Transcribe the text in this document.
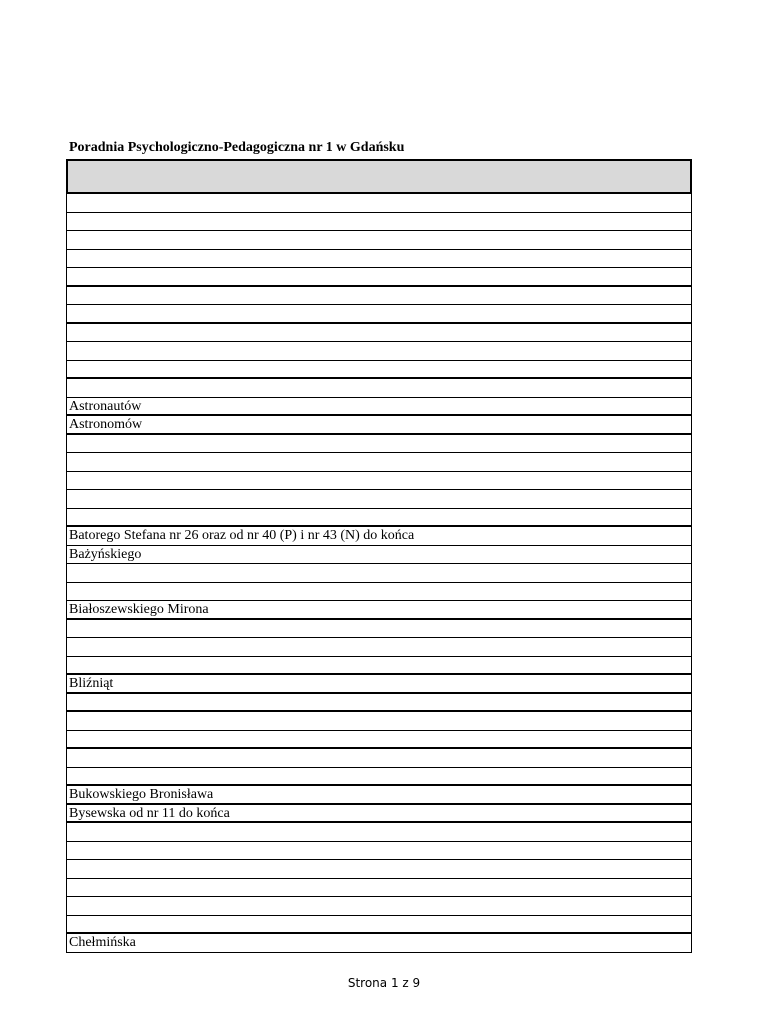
Poradnia Psychologiczno-Pedagogiczna nr 1 w Gdańsku
Astronautów
Astronomów
Batorego Stefana nr 26 oraz od nr 40 (P) i nr 43 (N) do końca
Bażyńskiego
Białoszewskiego Mirona
Bliźniąt
Bukowskiego Bronisława
Bysewska od nr 11 do końca
Chełmińska
Strona 1 z 9
